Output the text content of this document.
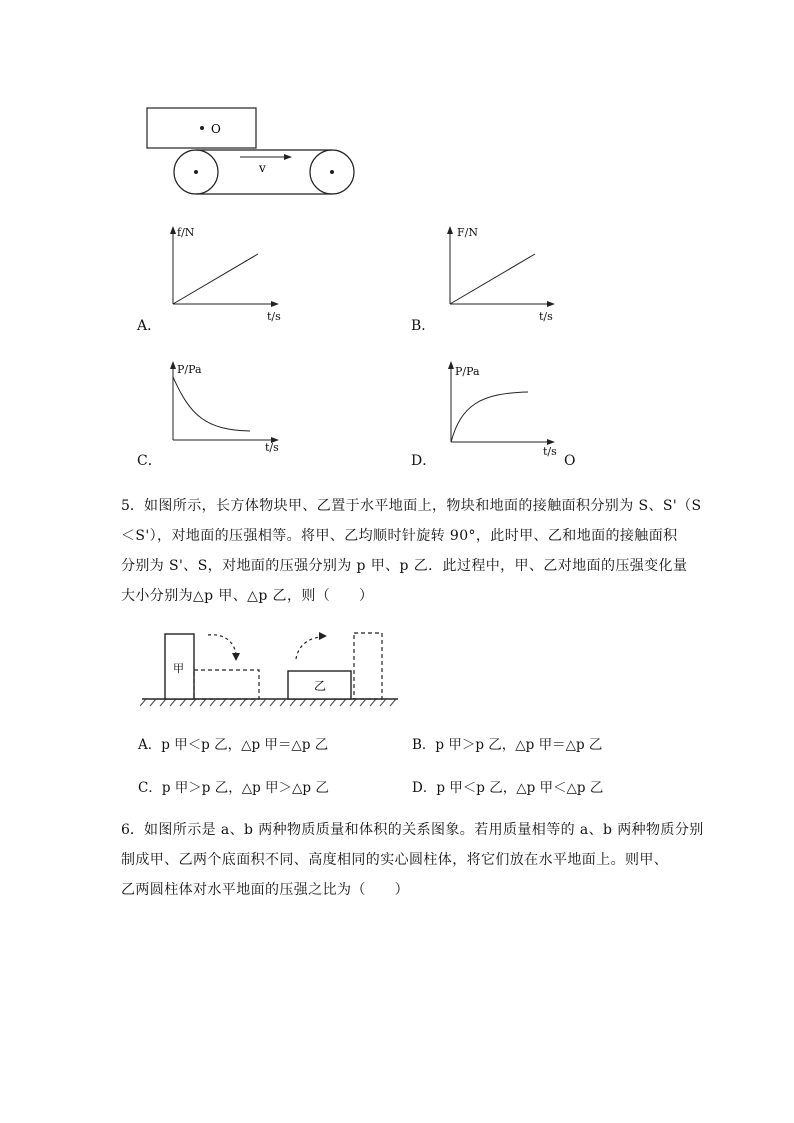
O
v
f/N
t/s
A．
F/N
t/s
B．
P/Pa
t/s
C．
P/Pa
t/s
O
D．
5． 如图所示，长方体物块甲、乙置于水平地面上，物块和地面的接触面积分别为 S、S'（S

＜S'），对地面的压强相等。将甲、乙均顺时针旋转 90°，此时甲、乙和地面的接触面积

分别为 S'、S，对地面的压强分别为 p 甲、p 乙．此过程中，甲、乙对地面的压强变化量

大小分别为△p 甲、△p 乙，则（　　）

甲
乙
A．p 甲＜p 乙，△p 甲＝△p 乙	B．p 甲＞p 乙，△p 甲＝△p 乙
C．p 甲＞p 乙，△p 甲＞△p 乙	D．p 甲＜p 乙，△p 甲＜△p 乙
6． 如图所示是 a、b 两种物质质量和体积的关系图象。若用质量相等的 a、b 两种物质分别

制成甲、乙两个底面积不同、高度相同的实心圆柱体，将它们放在水平地面上。则甲、

乙两圆柱体对水平地面的压强之比为（　　）
